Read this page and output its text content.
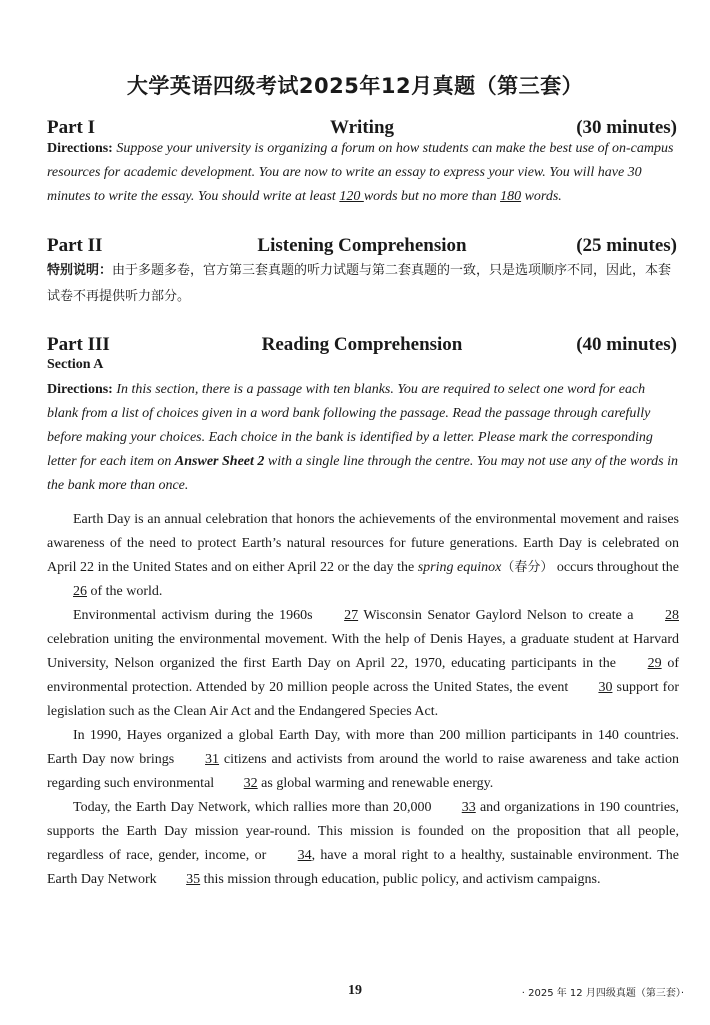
大学英语四级考试2025年12月真题（第三套）
Part I	Writing	(30 minutes)
Directions: Suppose your university is organizing a forum on how students can make the best use of on-campus resources for academic development. You are now to write an essay to express your view. You will have 30 minutes to write the essay. You should write at least 120 words but no more than 180 words.
Part II	Listening Comprehension	(25 minutes)
特别说明：由于多题多卷，官方第三套真题的听力试题与第二套真题的一致，只是选项顺序不同，因此，本套试卷不再提供听力部分。
Part III	Reading Comprehension	(40 minutes)
Section A
Directions: In this section, there is a passage with ten blanks. You are required to select one word for each blank from a list of choices given in a word bank following the passage. Read the passage through carefully before making your choices. Each choice in the bank is identified by a letter. Please mark the corresponding letter for each item on Answer Sheet 2 with a single line through the centre. You may not use any of the words in the bank more than once.

Earth Day is an annual celebration that honors the achievements of the environmental movement and raises awareness of the need to protect Earth’s natural resources for future generations. Earth Day is celebrated on April 22 in the United States and on either April 22 or the day the spring equinox（春分） occurs throughout the 26 of the world.

Environmental activism during the 1960s 27 Wisconsin Senator Gaylord Nelson to create a 28 celebration uniting the environmental movement. With the help of Denis Hayes, a graduate student at Harvard University, Nelson organized the first Earth Day on April 22, 1970, educating participants in the 29 of environmental protection. Attended by 20 million people across the United States, the event 30 support for legislation such as the Clean Air Act and the Endangered Species Act.

In 1990, Hayes organized a global Earth Day, with more than 200 million participants in 140 countries. Earth Day now brings 31 citizens and activists from around the world to raise awareness and take action regarding such environmental 32 as global warming and renewable energy.

Today, the Earth Day Network, which rallies more than 20,000 33 and organizations in 190 countries, supports the Earth Day mission year-round. This mission is founded on the proposition that all people, regardless of race, gender, income, or 34, have a moral right to a healthy, sustainable environment. The Earth Day Network 35 this mission through education, public policy, and activism campaigns.

19	· 2025 年 12 月四级真题（第三套）·
